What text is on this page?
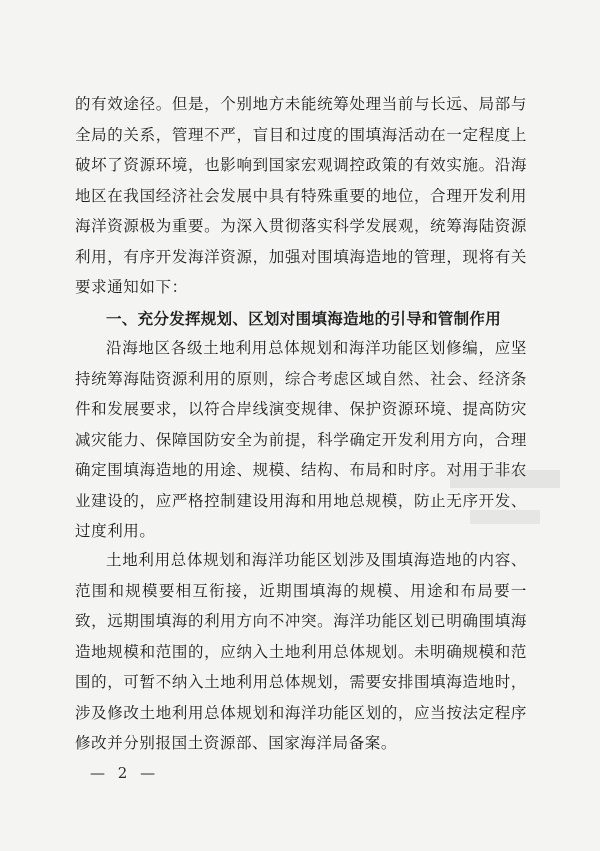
的有效途径。但是，个别地方未能统筹处理当前与长远、局部与全局的关系，管理不严，盲目和过度的围填海活动在一定程度上破坏了资源环境，也影响到国家宏观调控政策的有效实施。沿海地区在我国经济社会发展中具有特殊重要的地位，合理开发利用海洋资源极为重要。为深入贯彻落实科学发展观，统筹海陆资源利用，有序开发海洋资源，加强对围填海造地的管理，现将有关要求通知如下：

一、充分发挥规划、区划对围填海造地的引导和管制作用

沿海地区各级土地利用总体规划和海洋功能区划修编，应坚持统筹海陆资源利用的原则，综合考虑区域自然、社会、经济条件和发展要求，以符合岸线演变规律、保护资源环境、提高防灾减灾能力、保障国防安全为前提，科学确定开发利用方向，合理确定围填海造地的用途、规模、结构、布局和时序。对用于非农业建设的，应严格控制建设用海和用地总规模，防止无序开发、过度利用。

土地利用总体规划和海洋功能区划涉及围填海造地的内容、范围和规模要相互衔接，近期围填海的规模、用途和布局要一致，远期围填海的利用方向不冲突。海洋功能区划已明确围填海造地规模和范围的，应纳入土地利用总体规划。未明确规模和范围的，可暂不纳入土地利用总体规划，需要安排围填海造地时，涉及修改土地利用总体规划和海洋功能区划的，应当按法定程序修改并分别报国土资源部、国家海洋局备案。

— 2 —
